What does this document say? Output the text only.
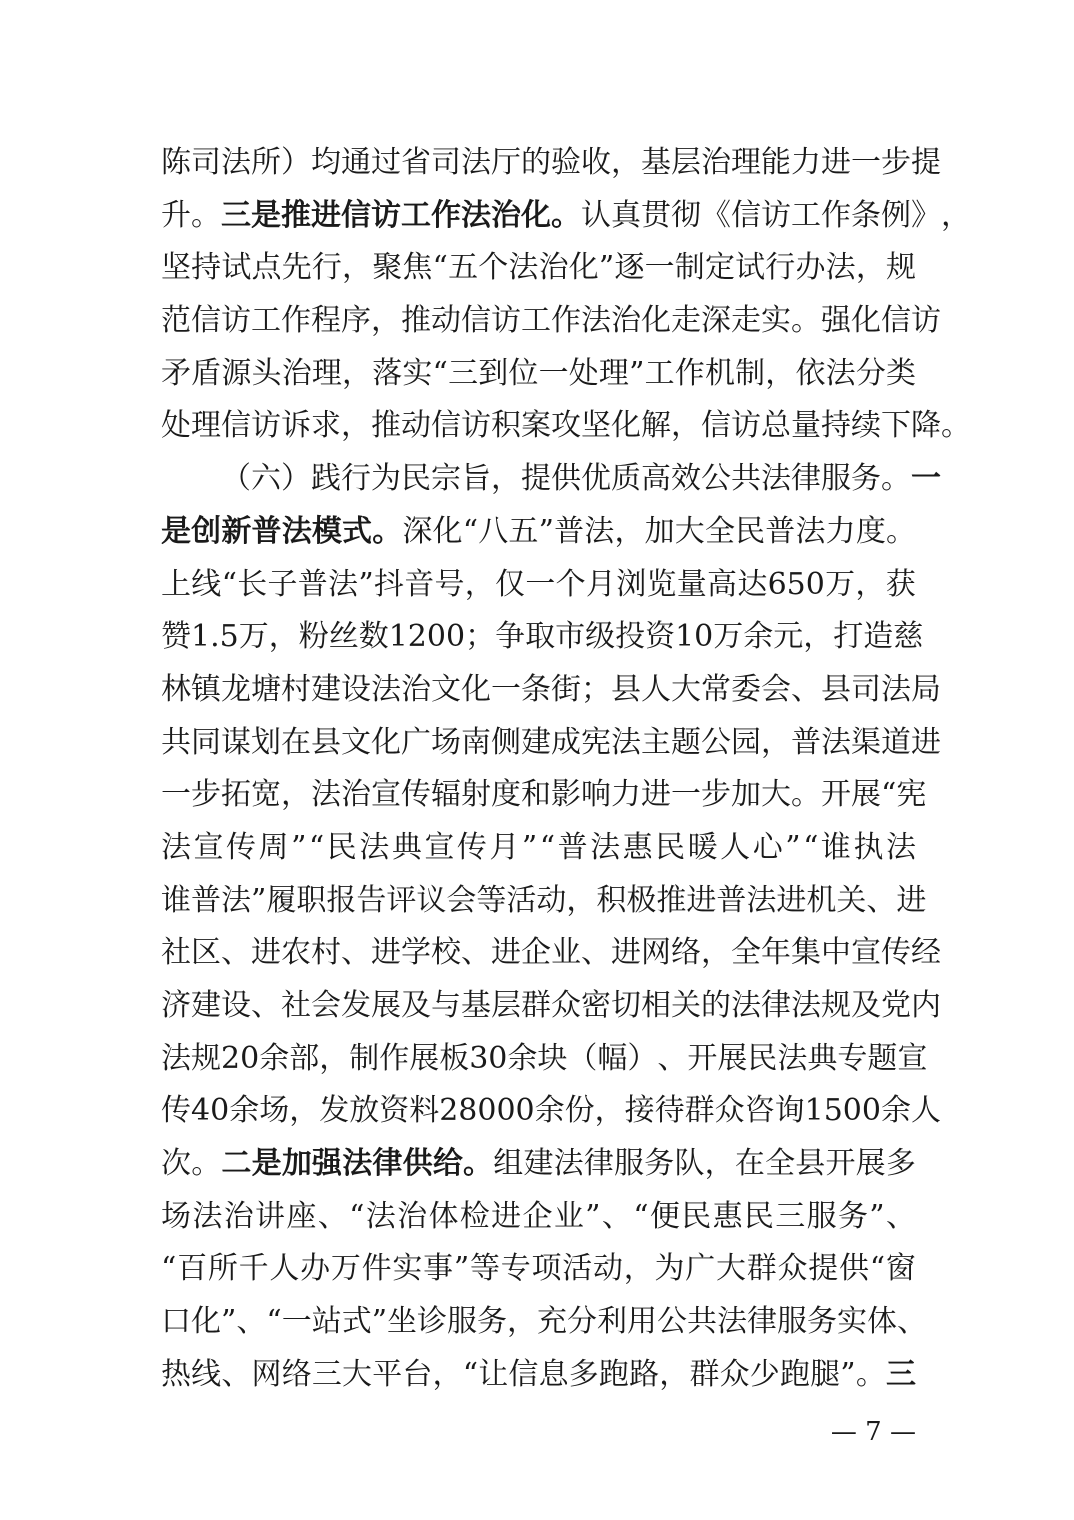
陈 司 法 所 ） 均 通 过 省 司 法 厅 的 验 收 ， 基 层 治 理 能 力 进 一 步 提
升 。 三 是 推 进 信 访 工 作 法 治 化 。 认 真 贯 彻 《 信 访 工 作 条 例 》 ，
坚 持 试 点 先 行 ， 聚 焦 “ 五 个 法 治 化 ” 逐 一 制 定 试 行 办 法 ， 规
范 信 访 工 作 程 序 ， 推 动 信 访 工 作 法 治 化 走 深 走 实 。 强 化 信 访
矛 盾 源 头 治 理 ， 落 实 “ 三 到 位 一 处 理 ” 工 作 机 制 ， 依 法 分 类
处 理 信 访 诉 求 ， 推 动 信 访 积 案 攻 坚 化 解 ， 信 访 总 量 持 续 下 降 。
（ 六 ） 践 行 为 民 宗 旨 ， 提 供 优 质 高 效 公 共 法 律 服 务 。 一
是 创 新 普 法 模 式 。 深 化 “ 八 五 ” 普 法 ， 加 大 全 民 普 法 力 度 。
上 线 “ 长 子 普 法 ” 抖 音 号 ， 仅 一 个 月 浏 览 量 高 达 650 万 ， 获
赞 1.5 万 ， 粉 丝 数 1200 ； 争 取 市 级 投 资 10 万 余 元 ， 打 造 慈
林 镇 龙 塘 村 建 设 法 治 文 化 一 条 街 ； 县 人 大 常 委 会 、 县 司 法 局
共 同 谋 划 在 县 文 化 广 场 南 侧 建 成 宪 法 主 题 公 园 ， 普 法 渠 道 进
一 步 拓 宽 ， 法 治 宣 传 辐 射 度 和 影 响 力 进 一 步 加 大 。 开 展 “ 宪
法 宣 传 周 ” “ 民 法 典 宣 传 月 ” “ 普 法 惠 民 暖 人 心 ” “ 谁 执 法
谁 普 法 ” 履 职 报 告 评 议 会 等 活 动 ， 积 极 推 进 普 法 进 机 关 、 进
社 区 、 进 农 村 、 进 学 校 、 进 企 业 、 进 网 络 ， 全 年 集 中 宣 传 经
济 建 设 、 社 会 发 展 及 与 基 层 群 众 密 切 相 关 的 法 律 法 规 及 党 内
法 规 20 余 部 ， 制 作 展 板 30 余 块 （ 幅 ） 、 开 展 民 法 典 专 题 宣
传 40 余 场 ， 发 放 资 料 28000 余 份 ， 接 待 群 众 咨 询 1500 余 人
次 。 二 是 加 强 法 律 供 给 。 组 建 法 律 服 务 队 ， 在 全 县 开 展 多
场 法 治 讲 座 、 “ 法 治 体 检 进 企 业 ” 、 “ 便 民 惠 民 三 服 务 ” 、
“ 百 所 千 人 办 万 件 实 事 ” 等 专 项 活 动 ， 为 广 大 群 众 提 供 “ 窗
口 化 ” 、 “ 一 站 式 ” 坐 诊 服 务 ， 充 分 利 用 公 共 法 律 服 务 实 体 、
热 线 、 网 络 三 大 平 台 ， “ 让 信 息 多 跑 路 ， 群 众 少 跑 腿 ” 。 三
— 7 —
